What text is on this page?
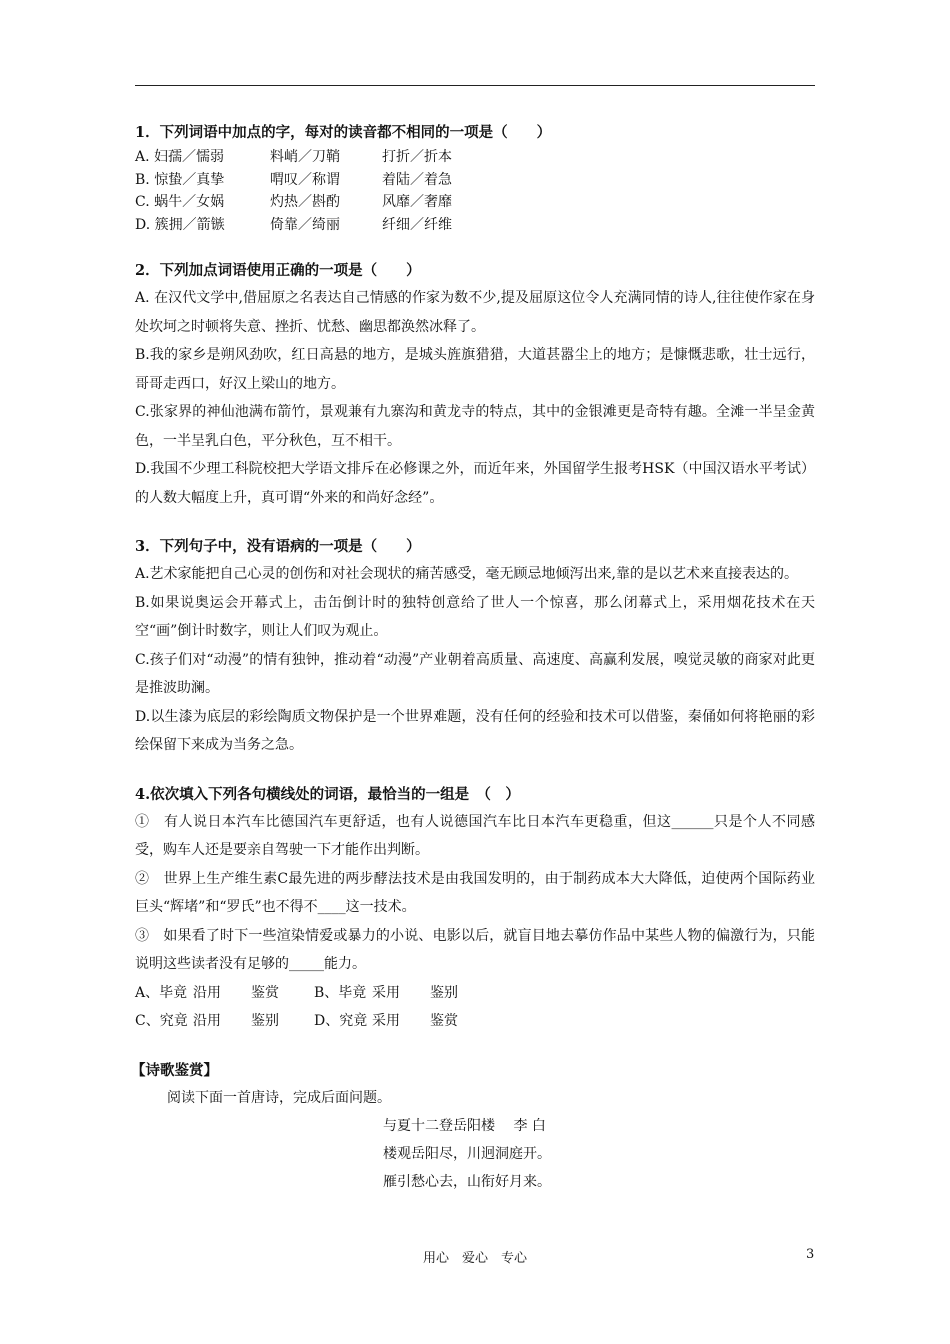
1．下列词语中加点的字，每对的读音都不相同的一项是（　　）
A. 妇孺／懦弱	料峭／刀鞘	打折／折本
B. 惊蛰／真挚	喟叹／称谓	着陆／着急
C. 蜗牛／女娲	灼热／斟酌	风靡／奢靡
D. 簇拥／箭镞	倚靠／绮丽	纤细／纤维
2．下列加点词语使用正确的一项是（　　）
A. 在汉代文学中,借屈原之名表达自己情感的作家为数不少,提及屈原这位令人充满同情的诗人,往往使作家在身处坎坷之时顿将失意、挫折、忧愁、幽思都涣然冰释了。
B.我的家乡是朔风劲吹，红日高悬的地方，是城头旌旗猎猎，大道甚嚣尘上的地方；是慷慨悲歌，壮士远行，哥哥走西口，好汉上梁山的地方。
C.张家界的神仙池满布箭竹，景观兼有九寨沟和黄龙寺的特点，其中的金银滩更是奇特有趣。全滩一半呈金黄色，一半呈乳白色，平分秋色，互不相干。
D.我国不少理工科院校把大学语文排斥在必修课之外，而近年来，外国留学生报考HSK（中国汉语水平考试）的人数大幅度上升，真可谓“外来的和尚好念经”。
3．下列句子中，没有语病的一项是（　　）
A.艺术家能把自己心灵的创伤和对社会现状的痛苦感受，毫无顾忌地倾泻出来,靠的是以艺术来直接表达的。
B.如果说奥运会开幕式上，击缶倒计时的独特创意给了世人一个惊喜，那么闭幕式上，采用烟花技术在天空“画”倒计时数字，则让人们叹为观止。
C.孩子们对“动漫”的情有独钟，推动着“动漫”产业朝着高质量、高速度、高赢利发展，嗅觉灵敏的商家对此更是推波助澜。
D.以生漆为底层的彩绘陶质文物保护是一个世界难题，没有任何的经验和技术可以借鉴，秦俑如何将艳丽的彩绘保留下来成为当务之急。
4.依次填入下列各句横线处的词语，最恰当的一组是　（　）
①　有人说日本汽车比德国汽车更舒适，也有人说德国汽车比日本汽车更稳重，但这______只是个人不同感受，购车人还是要亲自驾驶一下才能作出判断。
②　世界上生产维生素C最先进的两步酵法技术是由我国发明的，由于制药成本大大降低，迫使两个国际药业巨头“辉堵”和“罗氏”也不得不____这一技术。
③　如果看了时下一些渲染情爱或暴力的小说、电影以后，就盲目地去摹仿作品中某些人物的偏激行为，只能说明这些读者没有足够的_____能力。
A、毕竟 沿用	鉴赏	B、毕竟 采用	鉴别
C、究竟 沿用	鉴别	D、究竟 采用	鉴赏
【诗歌鉴赏】
阅读下面一首唐诗，完成后面问题。
与夏十二登岳阳楼　 李 白
楼观岳阳尽，川迥洞庭开。
雁引愁心去，山衔好月来。
用心　爱心　专心	3
